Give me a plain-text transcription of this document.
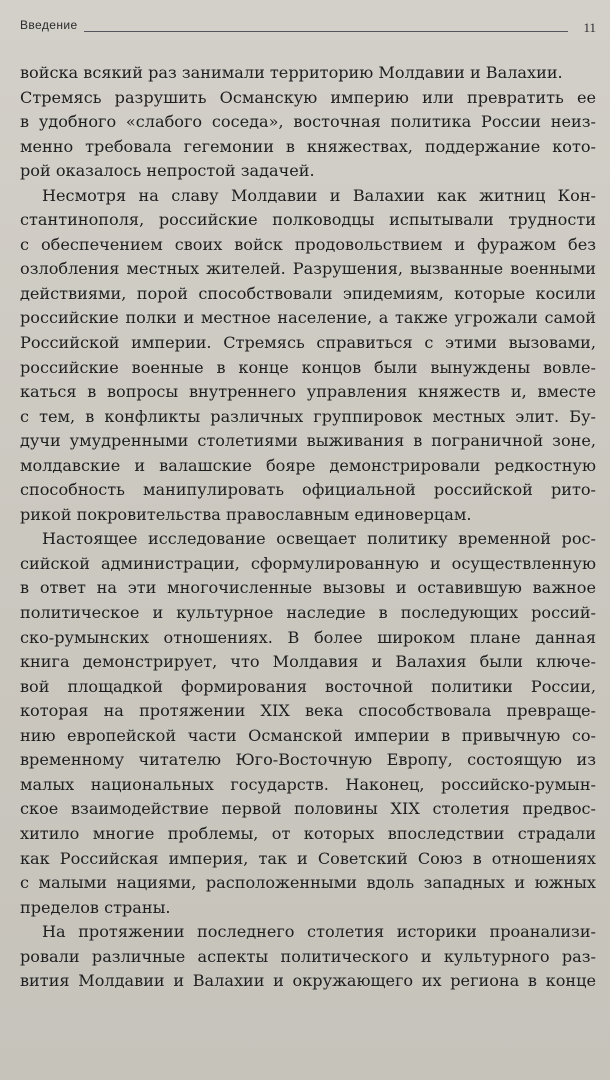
Введение	11
войска всякий раз занимали территорию Молдавии и Валахии.
Стремясь разрушить Османскую империю или превратить ее
в удобного «слабого соседа», восточная политика России неиз-
менно требовала гегемонии в княжествах, поддержание кото-
рой оказалось непростой задачей.
Несмотря на славу Молдавии и Валахии как житниц Кон-
стантинополя, российские полководцы испытывали трудности
с обеспечением своих войск продовольствием и фуражом без
озлобления местных жителей. Разрушения, вызванные военными
действиями, порой способствовали эпидемиям, которые косили
российские полки и местное население, а также угрожали самой
Российской империи. Стремясь справиться с этими вызовами,
российские военные в конце концов были вынуждены вовле-
каться в вопросы внутреннего управления княжеств и, вместе
с тем, в конфликты различных группировок местных элит. Бу-
дучи умудренными столетиями выживания в пограничной зоне,
молдавские и валашские бояре демонстрировали редкостную
способность манипулировать официальной российской рито-
рикой покровительства православным единоверцам.
Настоящее исследование освещает политику временной рос-
сийской администрации, сформулированную и осуществленную
в ответ на эти многочисленные вызовы и оставившую важное
политическое и культурное наследие в последующих россий-
ско-румынских отношениях. В более широком плане данная
книга демонстрирует, что Молдавия и Валахия были ключе-
вой площадкой формирования восточной политики России,
которая на протяжении XIX века способствовала превраще-
нию европейской части Османской империи в привычную со-
временному читателю Юго-Восточную Европу, состоящую из
малых национальных государств. Наконец, российско-румын-
ское взаимодействие первой половины XIX столетия предвос-
хитило многие проблемы, от которых впоследствии страдали
как Российская империя, так и Советский Союз в отношениях
с малыми нациями, расположенными вдоль западных и южных
пределов страны.
На протяжении последнего столетия историки проанализи-
ровали различные аспекты политического и культурного раз-
вития Молдавии и Валахии и окружающего их региона в конце
